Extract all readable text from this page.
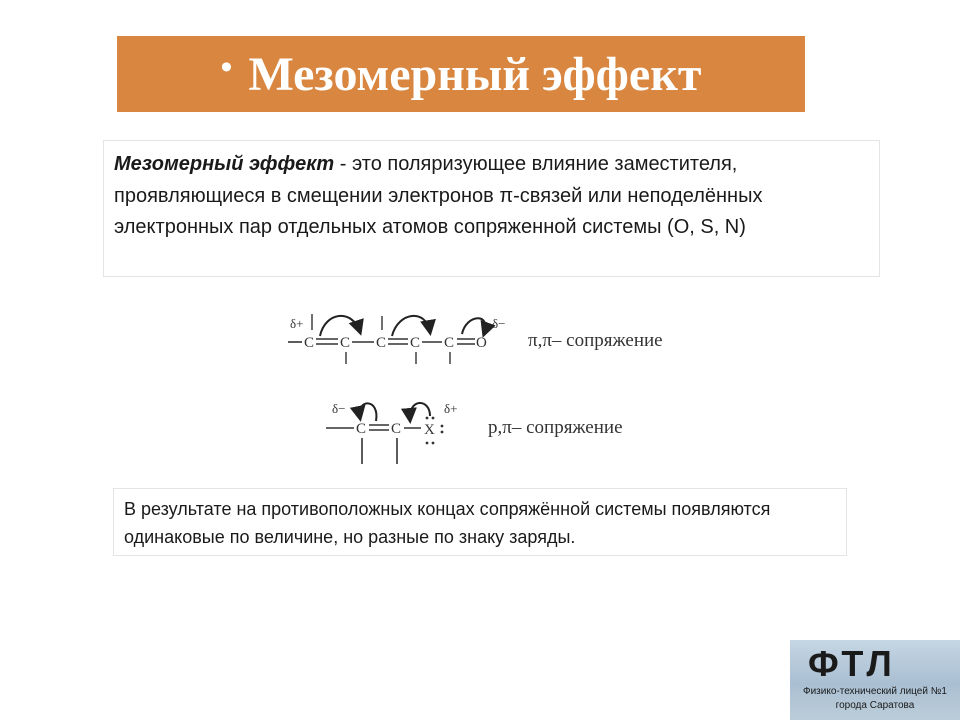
• Мезомерный эффект
Мезомерный эффект - это поляризующее влияние заместителя, проявляющиеся в смещении электронов π-связей или неподелённых электронных пар отдельных атомов сопряженной системы (O, S, N)
δ+
C C C C C O
δ−
π,π– сопряжение
δ−
C C X
δ+
p,π– сопряжение
В результате на противоположных концах сопряжённой системы появляются одинаковые по величине, но разные по знаку заряды.
ФТЛ
Физико-технический лицей №1
города Саратова
